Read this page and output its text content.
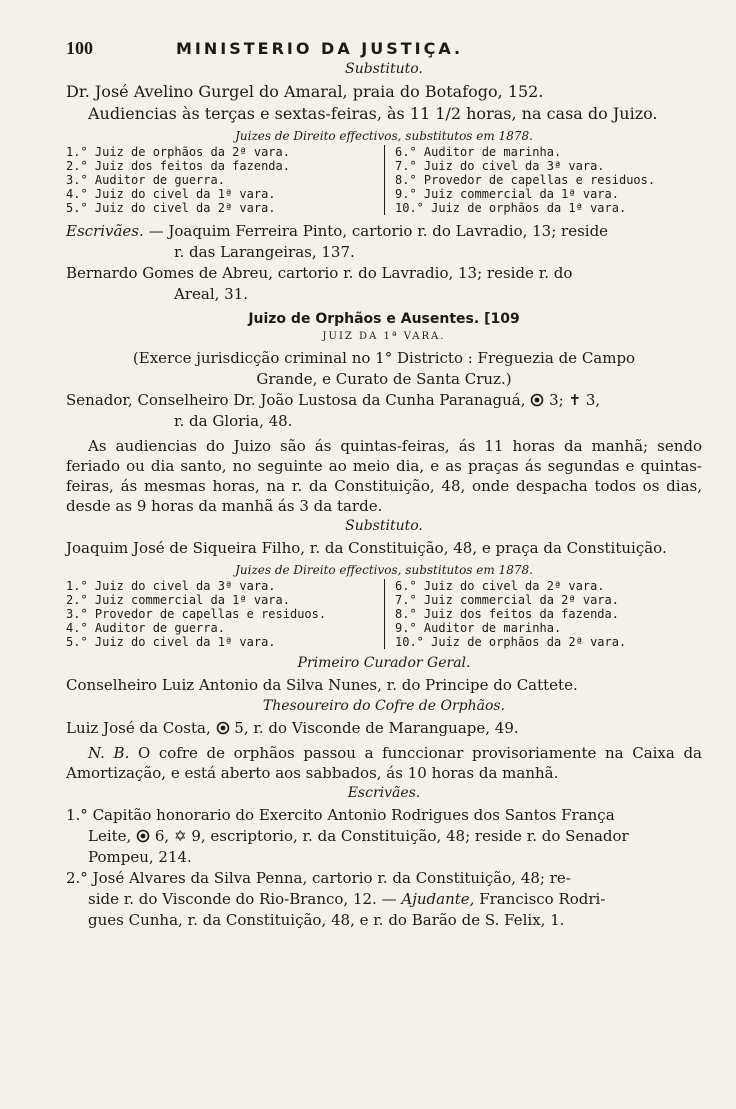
100	MINISTERIO DA JUSTIÇA.
Substituto.
Dr. José Avelino Gurgel do Amaral, praia do Botafogo, 152.
Audiencias às terças e sextas-feiras, às 11 1/2 horas, na casa do Juizo.
Juizes de Direito effectivos, substitutos em 1878.
1.° Juiz de orphãos da 2ª vara.
2.° Juiz dos feitos da fazenda.
3.° Auditor de guerra.
4.° Juiz do civel da 1ª vara.
5.° Juiz do civel da 2ª vara.
6.° Auditor de marinha.
7.° Juiz do civel da 3ª vara.
8.° Provedor de capellas e residuos.
9.° Juiz commercial da 1ª vara.
10.° Juiz de orphãos da 1ª vara.
Escrivães. — Joaquim Ferreira Pinto, cartorio r. do Lavradio, 13; reside
r. das Larangeiras, 137.
Bernardo Gomes de Abreu, cartorio r. do Lavradio, 13; reside r. do
Areal, 31.
Juizo de Orphãos e Ausentes. [109
JUIZ DA 1ª VARA.
(Exerce jurisdicção criminal no 1° Districto : Freguezia de Campo
Grande, e Curato de Santa Cruz.)
Senador, Conselheiro Dr. João Lustosa da Cunha Paranaguá, 3; ✝ 3,
r. da Gloria, 48.
As audiencias do Juizo são ás quintas-feiras, ás 11 horas da manhã; sendo feriado ou dia santo, no seguinte ao meio dia, e as praças ás segundas e quintas-feiras, ás mesmas horas, na r. da Constituição, 48, onde despacha todos os dias, desde as 9 horas da manhã ás 3 da tarde.
Substituto.
Joaquim José de Siqueira Filho, r. da Constituição, 48, e praça da Constituição.
Juizes de Direito effectivos, substitutos em 1878.
1.° Juiz do civel da 3ª vara.
2.° Juiz commercial da 1ª vara.
3.° Provedor de capellas e residuos.
4.° Auditor de guerra.
5.° Juiz do civel da 1ª vara.
6.° Juiz do civel da 2ª vara.
7.° Juiz commercial da 2ª vara.
8.° Juiz dos feitos da fazenda.
9.° Auditor de marinha.
10.° Juiz de orphãos da 2ª vara.
Primeiro Curador Geral.
Conselheiro Luiz Antonio da Silva Nunes, r. do Principe do Cattete.
Thesoureiro do Cofre de Orphãos.
Luiz José da Costa, 5, r. do Visconde de Maranguape, 49.
N. B. O cofre de orphãos passou a funccionar provisoriamente na Caixa da Amortização, e está aberto aos sabbados, ás 10 horas da manhã.
Escrivães.
1.° Capitão honorario do Exercito Antonio Rodrigues dos Santos França
Leite, 6, ✡ 9, escriptorio, r. da Constituição, 48; reside r. do Senador
Pompeu, 214.
2.° José Alvares da Silva Penna, cartorio r. da Constituição, 48; re-
side r. do Visconde do Rio-Branco, 12. — Ajudante, Francisco Rodri-
gues Cunha, r. da Constituição, 48, e r. do Barão de S. Felix, 1.
